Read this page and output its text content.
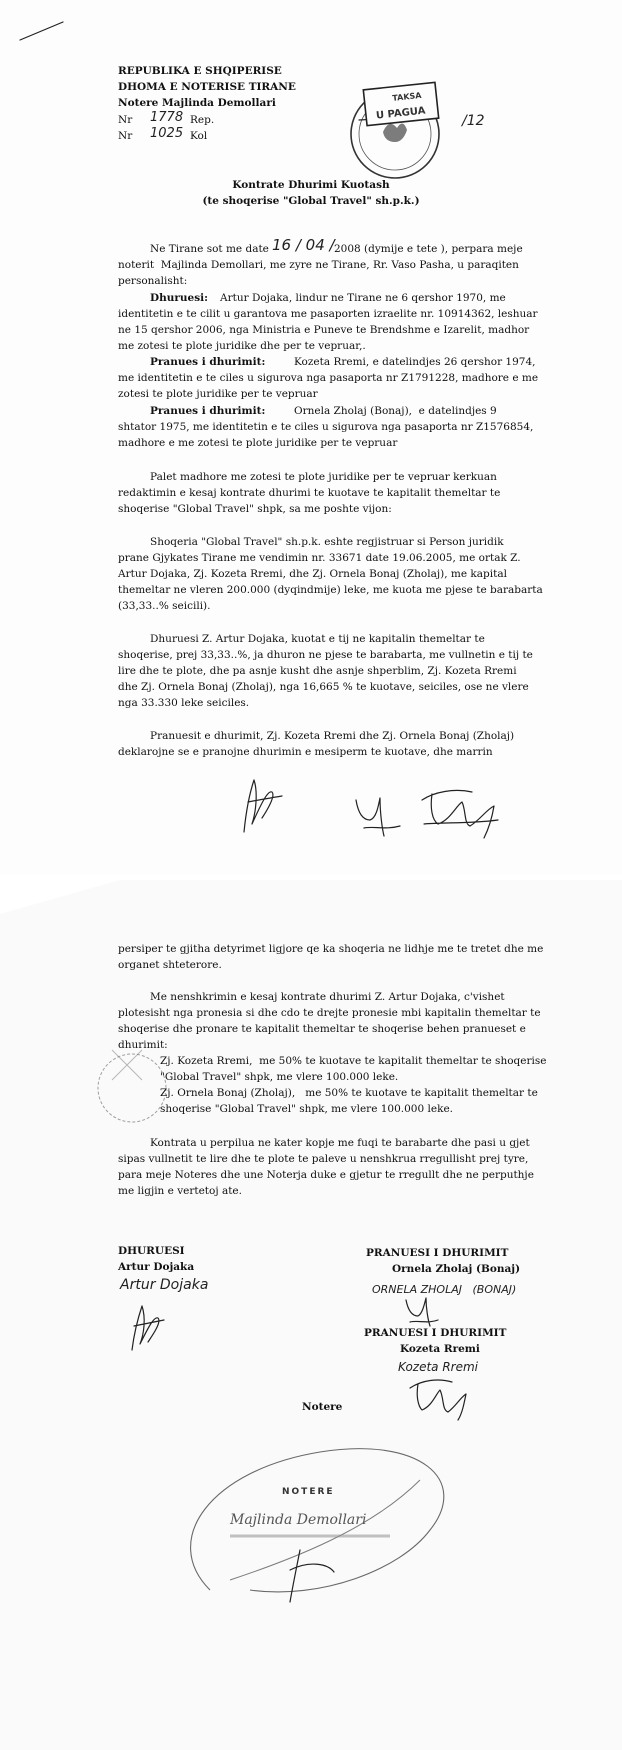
REPUBLIKA E SHQIPERISE
DHOMA E NOTERISE TIRANE
Notere Majlinda Demollari
Nr 1778 Rep.
Nr 1025 Kol
TAKSA
U PAGUA	/12
Kontrate Dhurimi Kuotash
(te shoqerise "Global Travel" sh.p.k.)
Ne Tirane sot me date 16 / 04 / 2008 (dymije e tete ), perpara meje
noterit  Majlinda Demollari, me zyre ne Tirane, Rr. Vaso Pasha, u paraqiten
personalisht:
Dhuruesi: Artur Dojaka, lindur ne Tirane ne 6 qershor 1970, me
identitetin e te cilit u garantova me pasaporten izraelite nr. 10914362, leshuar
ne 15 qershor 2006, nga Ministria e Puneve te Brendshme e Izarelit, madhor
me zotesi te plote juridike dhe per te vepruar,.
Pranues i dhurimit:	Kozeta Rremi, e datelindjes 26 qershor 1974,
me identitetin e te ciles u sigurova nga pasaporta nr Z1791228, madhore e me
zotesi te plote juridike per te vepruar
Pranues i dhurimit:	Ornela Zholaj (Bonaj),  e datelindjes 9
shtator 1975, me identitetin e te ciles u sigurova nga pasaporta nr Z1576854,
madhore e me zotesi te plote juridike per te vepruar
Palet madhore me zotesi te plote juridike per te vepruar kerkuan
redaktimin e kesaj kontrate dhurimi te kuotave te kapitalit themeltar te
shoqerise "Global Travel" shpk, sa me poshte vijon:
Shoqeria "Global Travel" sh.p.k. eshte regjistruar si Person juridik
prane Gjykates Tirane me vendimin nr. 33671 date 19.06.2005, me ortak Z.
Artur Dojaka, Zj. Kozeta Rremi, dhe Zj. Ornela Bonaj (Zholaj), me kapital
themeltar ne vleren 200.000 (dyqindmije) leke, me kuota me pjese te barabarta
(33,33..% seicili).
Dhuruesi Z. Artur Dojaka, kuotat e tij ne kapitalin themeltar te
shoqerise, prej 33,33..%, ja dhuron ne pjese te barabarta, me vullnetin e tij te
lire dhe te plote, dhe pa asnje kusht dhe asnje shperblim, Zj. Kozeta Rremi
dhe Zj. Ornela Bonaj (Zholaj), nga 16,665 % te kuotave, seiciles, ose ne vlere
nga 33.330 leke seiciles.
Pranuesit e dhurimit, Zj. Kozeta Rremi dhe Zj. Ornela Bonaj (Zholaj)
deklarojne se e pranojne dhurimin e mesiperm te kuotave, dhe marrin
persiper te gjitha detyrimet ligjore qe ka shoqeria ne lidhje me te tretet dhe me
organet shteterore.
Me nenshkrimin e kesaj kontrate dhurimi Z. Artur Dojaka, c'vishet
plotesisht nga pronesia si dhe cdo te drejte pronesie mbi kapitalin themeltar te
shoqerise dhe pronare te kapitalit themeltar te shoqerise behen pranueset e
dhurimit:
Zj. Kozeta Rremi,  me 50% te kuotave te kapitalit themeltar te shoqerise
"Global Travel" shpk, me vlere 100.000 leke.
Zj. Ornela Bonaj (Zholaj),   me 50% te kuotave te kapitalit themeltar te
shoqerise "Global Travel" shpk, me vlere 100.000 leke.
Kontrata u perpilua ne kater kopje me fuqi te barabarte dhe pasi u gjet
sipas vullnetit te lire dhe te plote te paleve u nenshkrua rregullisht prej tyre,
para meje Noteres dhe une Noterja duke e gjetur te rregullt dhe ne perputhje
me ligjin e vertetoj ate.
DHURUESI
Artur Dojaka
Artur Dojaka
PRANUESI I DHURIMIT
Ornela Zholaj (Bonaj)
ORNELA ZHOLAJ   (BONAJ)
PRANUESI I DHURIMIT
Kozeta Rremi
Kozeta Rremi
Notere
NOTERE
Majlinda Demollari
